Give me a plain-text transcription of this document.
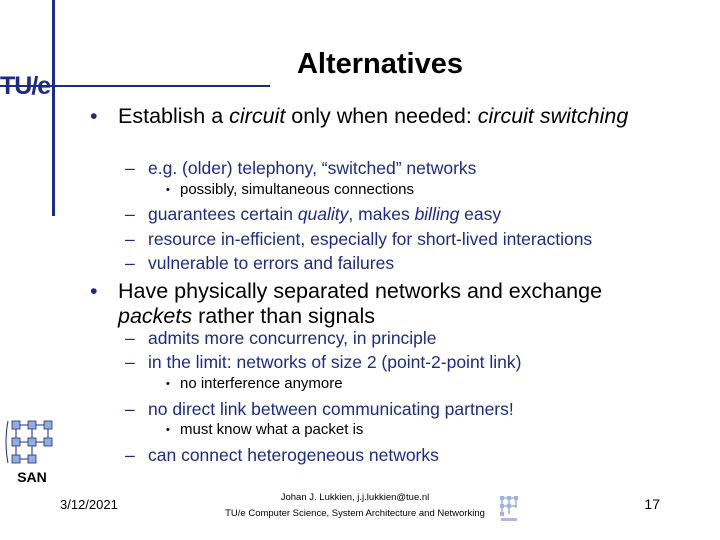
TU/e
Alternatives
• Establish a circuit only when needed: circuit switching
– e.g. (older) telephony, “switched” networks
• possibly, simultaneous connections
– guarantees certain quality, makes billing easy
– resource in-efficient, especially for short-lived interactions
– vulnerable to errors and failures
• Have physically separated networks and exchange packets rather than signals
– admits more concurrency, in principle
– in the limit: networks of size 2 (point-2-point link)
• no interference anymore
– no direct link between communicating partners!
• must know what a packet is
– can connect heterogeneous networks
SAN
3/12/2021	Johan J. Lukkien, j.j.lukkien@tue.nl
TU/e Computer Science, System Architecture and Networking
17
